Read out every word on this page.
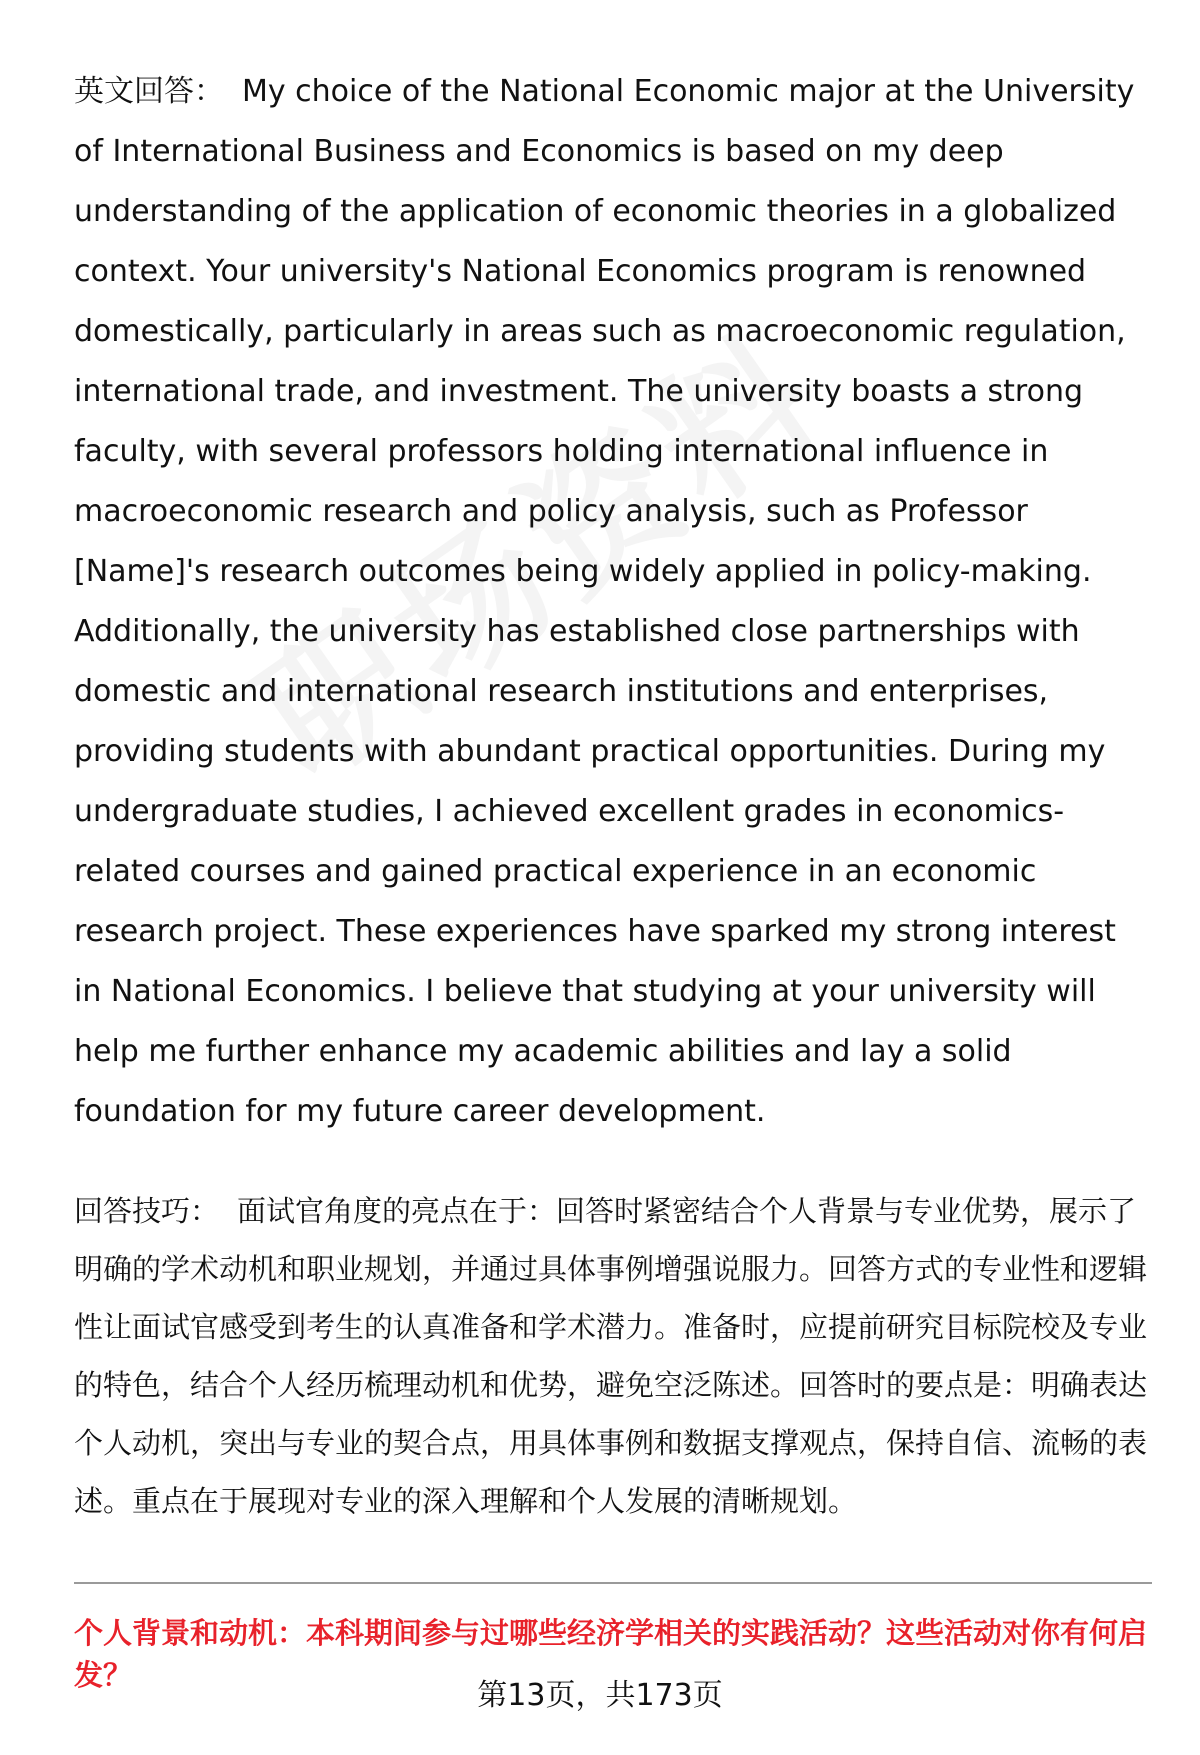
英文回答： My choice of the National Economic major at the University of International Business and Economics is based on my deep understanding of the application of economic theories in a globalized context. Your university's National Economics program is renowned domestically, particularly in areas such as macroeconomic regulation, international trade, and investment. The university boasts a strong faculty, with several professors holding international influence in macroeconomic research and policy analysis, such as Professor [Name]'s research outcomes being widely applied in policy-making. Additionally, the university has established close partnerships with domestic and international research institutions and enterprises, providing students with abundant practical opportunities. During my undergraduate studies, I achieved excellent grades in economics-related courses and gained practical experience in an economic research project. These experiences have sparked my strong interest in National Economics. I believe that studying at your university will help me further enhance my academic abilities and lay a solid foundation for my future career development.

回答技巧： 面试官角度的亮点在于：回答时紧密结合个人背景与专业优势，展示了明确的学术动机和职业规划，并通过具体事例增强说服力。回答方式的专业性和逻辑性让面试官感受到考生的认真准备和学术潜力。准备时，应提前研究目标院校及专业的特色，结合个人经历梳理动机和优势，避免空泛陈述。回答时的要点是：明确表达个人动机，突出与专业的契合点，用具体事例和数据支撑观点，保持自信、流畅的表述。重点在于展现对专业的深入理解和个人发展的清晰规划。

个人背景和动机：本科期间参与过哪些经济学相关的实践活动？这些活动对你有何启发？

第13页，共173页
